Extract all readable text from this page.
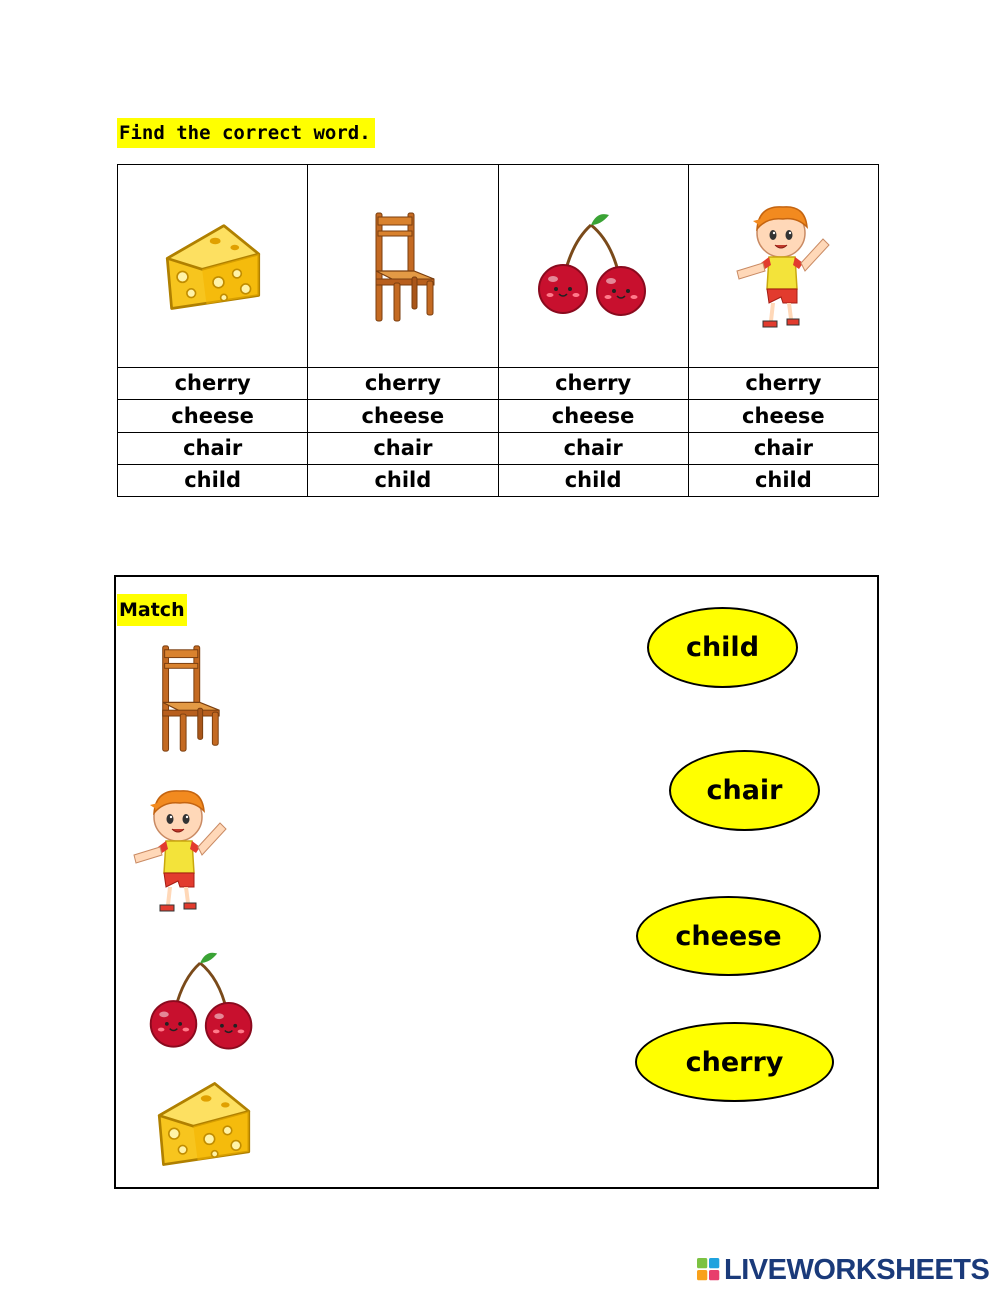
Find the correct word.

cherry	cherry	cherry	cherry
cheese	cheese	cheese	cheese
chair	chair	chair	chair
child	child	child	child
Match
child
chair
cheese
cherry
LIVEWORKSHEETS
